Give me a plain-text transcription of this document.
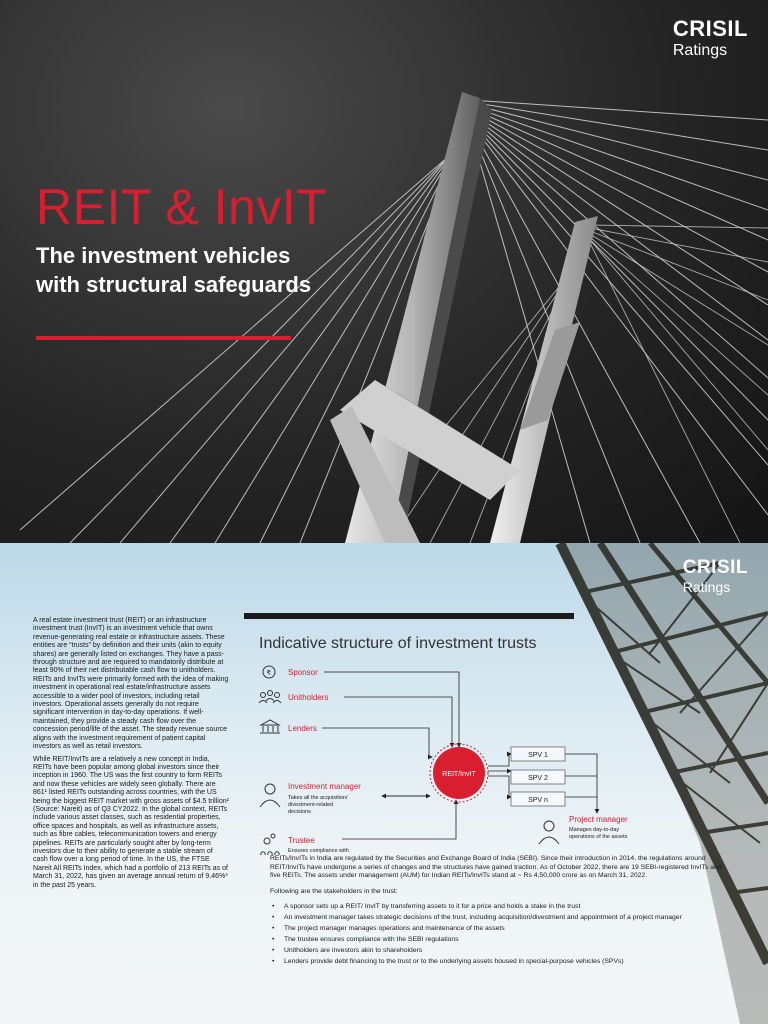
CRISIL
Ratings
REIT & InvIT
The investment vehicles with structural safeguards
CRISIL
Ratings

A real estate investment trust (REIT) or an infrastructure investment trust (InvIT) is an investment vehicle that owns revenue-generating real estate or infrastructure assets. These entities are “trusts” by definition and their units (akin to equity shares) are generally listed on exchanges. They have a pass-through structure and are required to mandatorily distribute at least 90% of their net distributable cash flow to unitholders. REITs and InvITs were primarily formed with the idea of making investment in operational real estate/infrastructure assets accessible to a wider pool of investors, including retail investors. Operational assets generally do not require significant intervention in day-to-day operations. If well-maintained, they provide a steady cash flow over the concession period/life of the asset. The steady revenue source aligns with the investment requirement of patient capital investors as well as retail investors.

While REIT/InvITs are a relatively a new concept in India, REITs have been popular among global investors since their inception in 1960. The US was the first country to form REITs and now these vehicles are widely seen globally. There are 861¹ listed REITs outstanding across countries, with the US being the biggest REIT market with gross assets of $4.5 trillion² (Source: Nareit) as of Q3 CY2022. In the global context, REITs include various asset classes, such as residential properties, office spaces and hospitals, as well as infrastructure assets, such as fibre cables, telecommunication towers and energy pipelines. REITs are particularly sought after by long-term investors due to their ability to generate a stable stream of cash flow over a long period of time. In the US, the FTSE Nareit All REITs Index, which had a portfolio of 213 REITs as of March 31, 2022, has given an average annual return of 9.46%³ in the past 25 years.

Indicative structure of investment trusts
₹ Sponsor
Unitholders
Lenders
Investment manager
Takes all the acquisition/
divestment-related
decisions
Trustee
Ensures compliance with
REIT/InvIT
SPV 1
SPV 2
SPV n
Project manager
Manages day-to-day
operations of the assets

REITs/InvITs in India are regulated by the Securities and Exchange Board of India (SEBI). Since their introduction in 2014, the regulations around REIT/InvITs have undergone a series of changes and the structures have gained traction. As of October 2022, there are 19 SEBI-registered InvITs and five REITs. The assets under management (AUM) for Indian REITs/InvITs stand at ~ Rs 4,50,000 crore as on March 31, 2022.

Following are the stakeholders in the trust:

• A sponsor sets up a REIT/ InvIT by transferring assets to it for a price and holds a stake in the trust
• An investment manager takes strategic decisions of the trust, including acquisition/divestment and appointment of a project manager
• The project manager manages operations and maintenance of the assets
• The trustee ensures compliance with the SEBI regulations
• Unitholders are investors akin to shareholders
• Lenders provide debt financing to the trust or to the underlying assets housed in special-purpose vehicles (SPVs)
